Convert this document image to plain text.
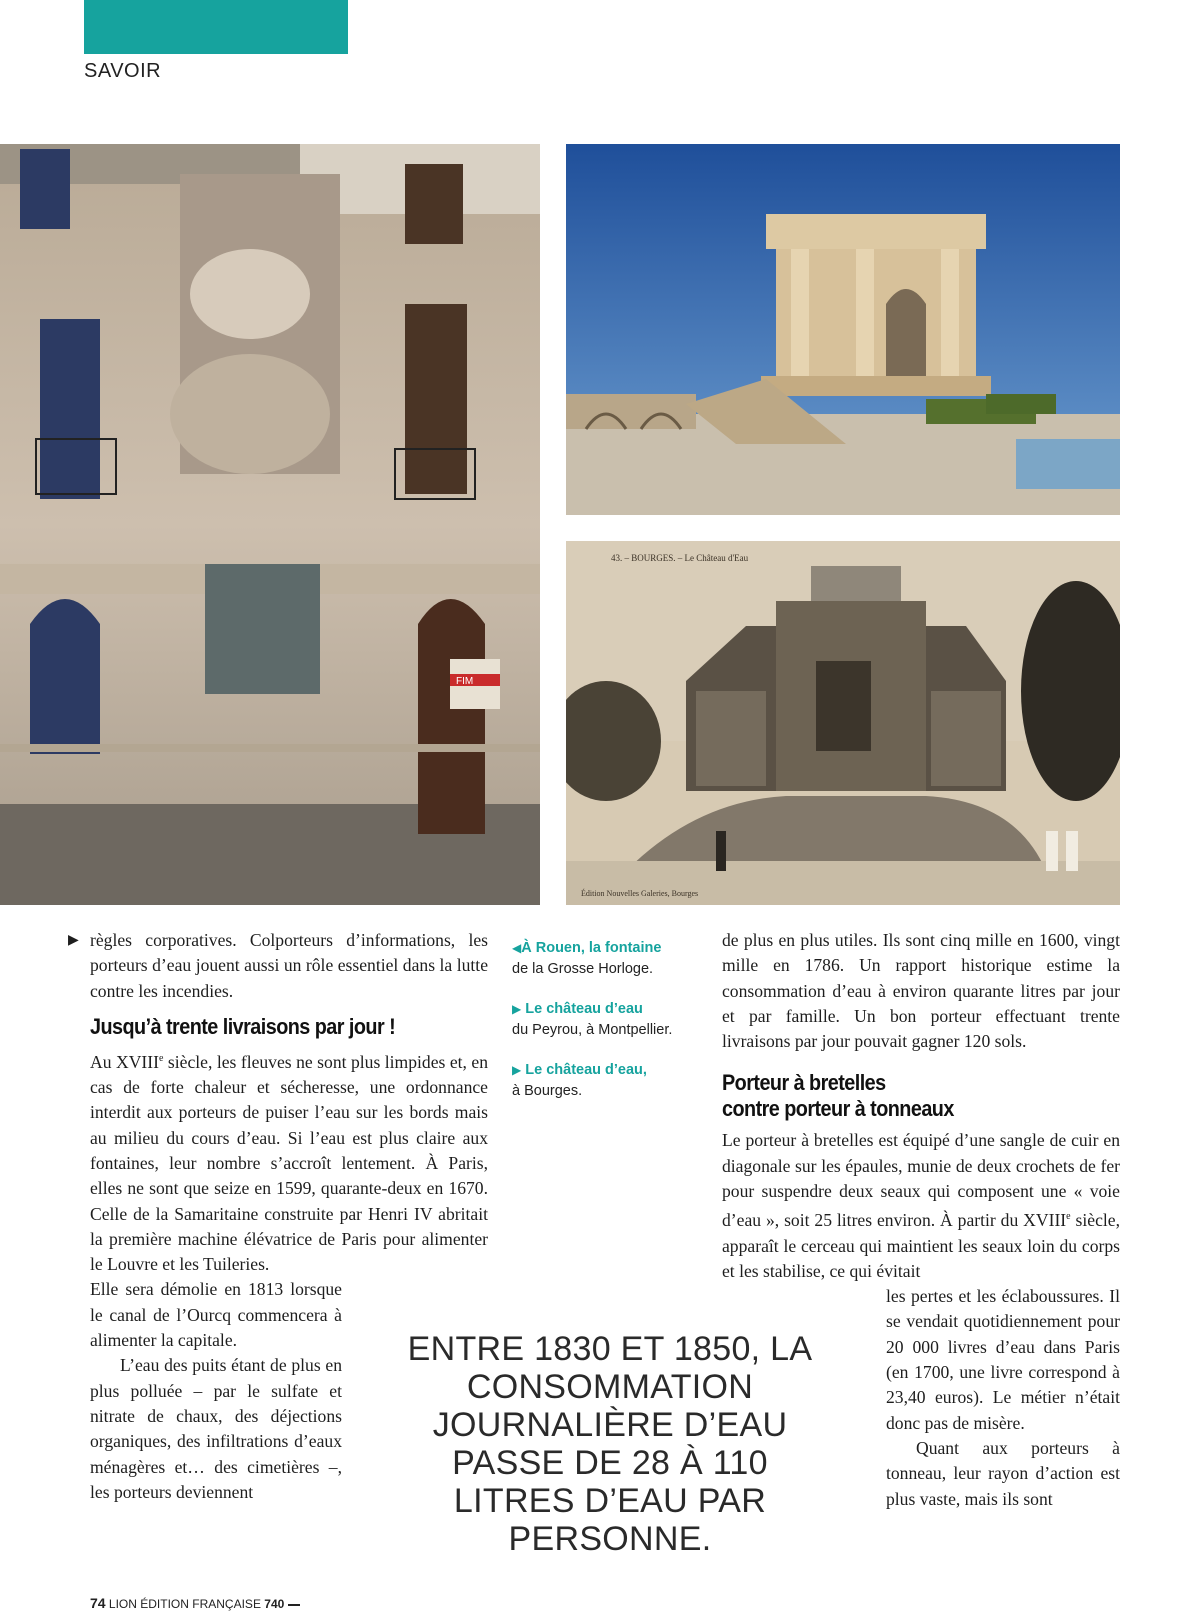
SAVOIR
FIM
43. – BOURGES. – Le Château d'Eau
Édition Nouvelles Galeries, Bourges

▶ règles corporatives. Colporteurs d’informations, les porteurs d’eau jouent aussi un rôle essentiel dans la lutte contre les incendies.

Jusqu’à trente livraisons par jour !

Au XVIIIe siècle, les fleuves ne sont plus limpides et, en cas de forte chaleur et sécheresse, une ordonnance interdit aux porteurs de puiser l’eau sur les bords mais au milieu du cours d’eau. Si l’eau est plus claire aux fontaines, leur nombre s’accroît lentement. À Paris, elles ne sont que seize en 1599, quarante-deux en 1670. Celle de la Samaritaine construite par Henri IV abritait la première machine élévatrice de Paris pour alimenter le Louvre et les Tuileries.

Elle sera démolie en 1813 lorsque le canal de l’Ourcq commencera à alimenter la capitale.

L’eau des puits étant de plus en plus polluée – par le sulfate et nitrate de chaux, des déjections organiques, des infiltrations d’eaux ménagères et… des cimetières –, les porteurs deviennent

◀À Rouen, la fontaine
de la Grosse Horloge.
▶ Le château d’eau
du Peyrou, à Montpellier.
▶ Le château d’eau,
à Bourges.

de plus en plus utiles. Ils sont cinq mille en 1600, vingt mille en 1786. Un rapport historique estime la consommation d’eau à environ quarante litres par jour et par famille. Un bon porteur effectuant trente livraisons par jour pouvait gagner 120 sols.

Porteur à bretelles
contre porteur à tonneaux

Le porteur à bretelles est équipé d’une sangle de cuir en diagonale sur les épaules, munie de deux crochets de fer pour suspendre deux seaux qui composent une « voie d’eau », soit 25 litres environ. À partir du XVIIIe siècle, apparaît le cerceau qui maintient les seaux loin du corps et les stabilise, ce qui évitait

les pertes et les éclaboussures. Il se vendait quotidiennement pour 20 000 livres d’eau dans Paris (en 1700, une livre correspond à 23,40 euros). Le métier n’était donc pas de misère.

Quant aux porteurs à tonneau, leur rayon d’action est plus vaste, mais ils sont

ENTRE 1830 ET 1850, LA CONSOMMATION JOURNALIÈRE D’EAU PASSE DE 28 À 110 LITRES D’EAU PAR PERSONNE.
74 LION ÉDITION FRANÇAISE 740
